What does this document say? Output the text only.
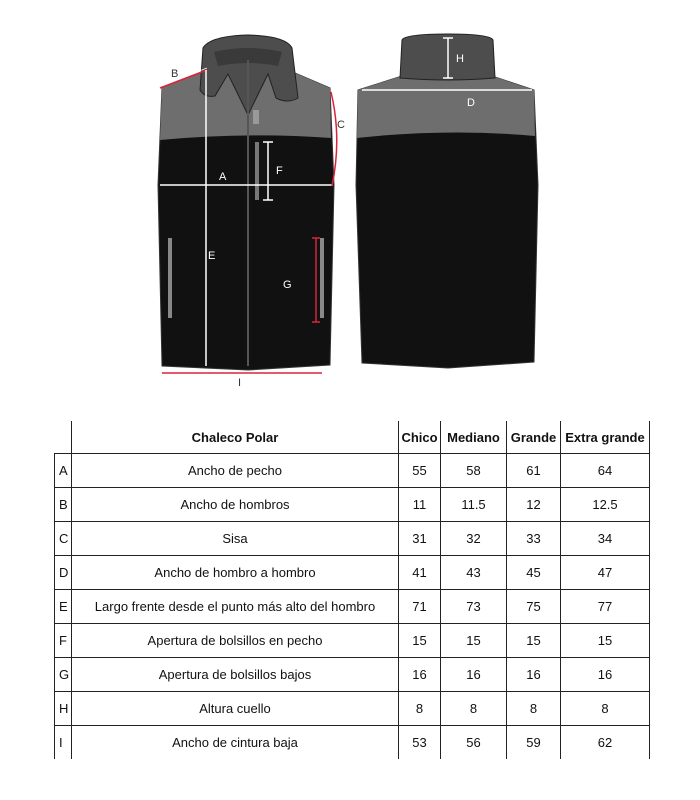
A
B
C
E
F
G
I
D
H
	Chaleco Polar	Chico	Mediano	Grande	Extra grande
A	Ancho de pecho	55	58	61	64
B	Ancho de hombros	11	11.5	12	12.5
C	Sisa	31	32	33	34
D	Ancho de hombro a hombro	41	43	45	47
E	Largo frente desde el punto más alto del hombro	71	73	75	77
F	Apertura de bolsillos en pecho	15	15	15	15
G	Apertura de bolsillos bajos	16	16	16	16
H	Altura cuello	8	8	8	8
I	Ancho de cintura baja	53	56	59	62
